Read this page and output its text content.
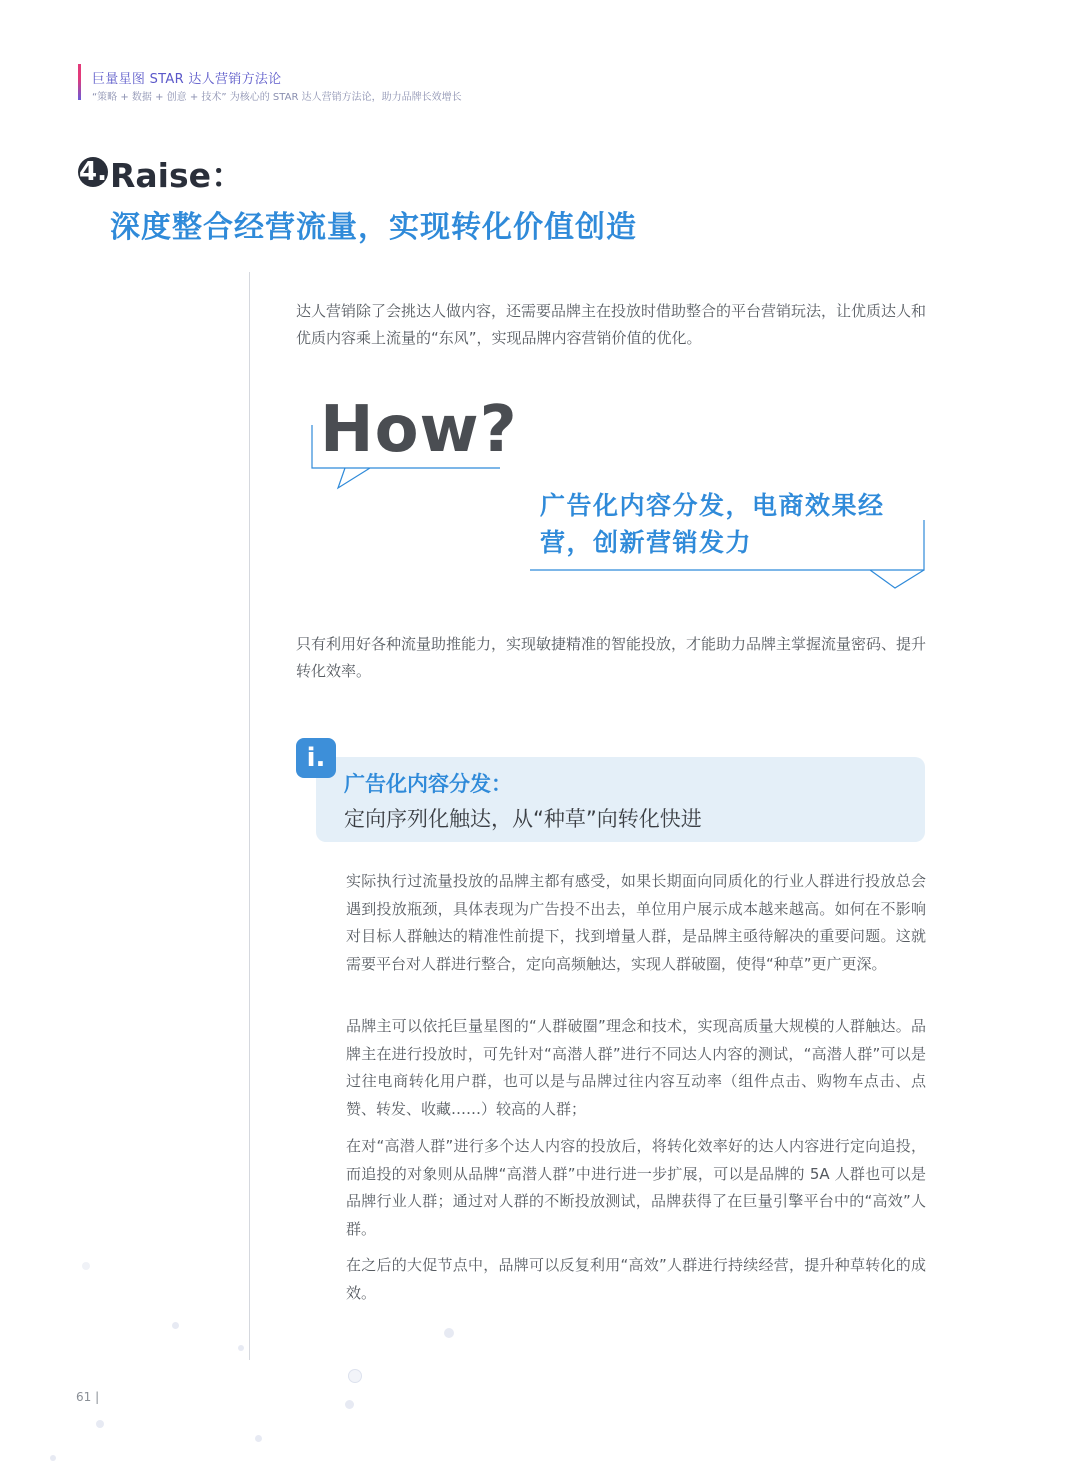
巨量星图 STAR 达人营销方法论
“策略 + 数据 + 创意 + 技术” 为核心的 STAR 达人营销方法论，助力品牌长效增长
4. Raise：
深度整合经营流量，实现转化价值创造
达人营销除了会挑达人做内容，还需要品牌主在投放时借助整合的平台营销玩法，让优质达人和优质内容乘上流量的“东风”，实现品牌内容营销价值的优化。
How?
广告化内容分发，电商效果经营，创新营销发力
只有利用好各种流量助推能力，实现敏捷精准的智能投放，才能助力品牌主掌握流量密码、提升转化效率。
i.
广告化内容分发：
定向序列化触达，从“种草”向转化快进
实际执行过流量投放的品牌主都有感受，如果长期面向同质化的行业人群进行投放总会遇到投放瓶颈，具体表现为广告投不出去，单位用户展示成本越来越高。如何在不影响对目标人群触达的精准性前提下，找到增量人群，是品牌主亟待解决的重要问题。这就需要平台对人群进行整合，定向高频触达，实现人群破圈，使得“种草”更广更深。
品牌主可以依托巨量星图的“人群破圈”理念和技术，实现高质量大规模的人群触达。品牌主在进行投放时，可先针对“高潜人群”进行不同达人内容的测试，“高潜人群”可以是过往电商转化用户群，也可以是与品牌过往内容互动率（组件点击、购物车点击、点赞、转发、收藏……）较高的人群；
在对“高潜人群”进行多个达人内容的投放后，将转化效率好的达人内容进行定向追投，而追投的对象则从品牌“高潜人群”中进行进一步扩展，可以是品牌的 5A 人群也可以是品牌行业人群；通过对人群的不断投放测试，品牌获得了在巨量引擎平台中的“高效”人群。
在之后的大促节点中，品牌可以反复利用“高效”人群进行持续经营，提升种草转化的成效。
61 |
